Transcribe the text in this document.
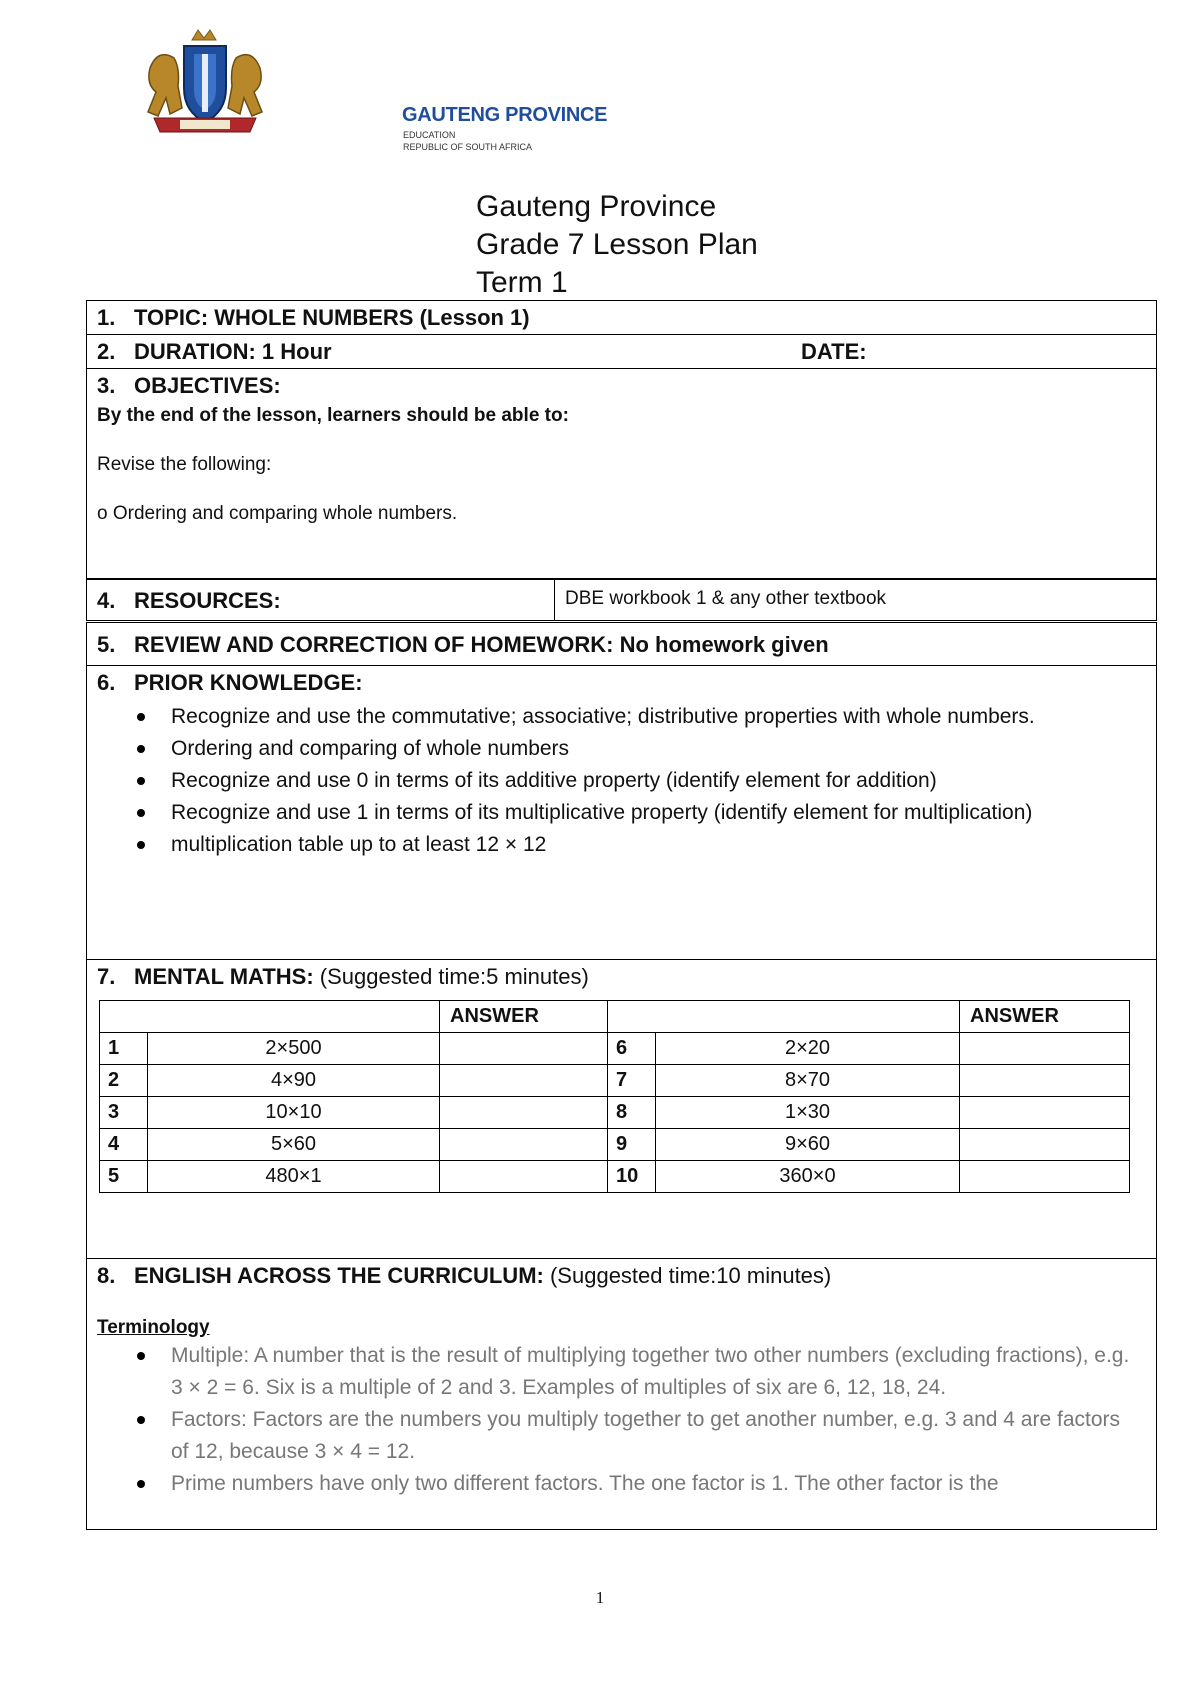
GAUTENG PROVINCE
EDUCATION
REPUBLIC OF SOUTH AFRICA
Gauteng Province
Grade 7 Lesson Plan
Term 1
1. TOPIC: WHOLE NUMBERS (Lesson 1)
2. DURATION: 1 Hour	DATE:
3. OBJECTIVES:
By the end of the lesson, learners should be able to:
Revise the following:
o Ordering and comparing whole numbers.
4. RESOURCES:	DBE workbook 1 & any other textbook
5. REVIEW AND CORRECTION OF HOMEWORK: No homework given
6. PRIOR KNOWLEDGE:
Recognize and use the commutative; associative; distributive properties with whole numbers.
Ordering and comparing of whole numbers
Recognize and use 0 in terms of its additive property (identify element for addition)
Recognize and use 1 in terms of its multiplicative property (identify element for multiplication)
multiplication table up to at least 12 × 12
7. MENTAL MATHS: (Suggested time:5 minutes)
		ANSWER			ANSWER
1	2×500		6	2×20	
2	4×90		7	8×70	
3	10×10		8	1×30	
4	5×60		9	9×60	
5	480×1		10	360×0	
8. ENGLISH ACROSS THE CURRICULUM: (Suggested time:10 minutes)
Terminology
Multiple: A number that is the result of multiplying together two other numbers (excluding fractions), e.g. 3 × 2 = 6. Six is a multiple of 2 and 3. Examples of multiples of six are 6, 12, 18, 24.
Factors: Factors are the numbers you multiply together to get another number, e.g. 3 and 4 are factors of 12, because 3 × 4 = 12.
Prime numbers have only two different factors. The one factor is 1. The other factor is the
1
